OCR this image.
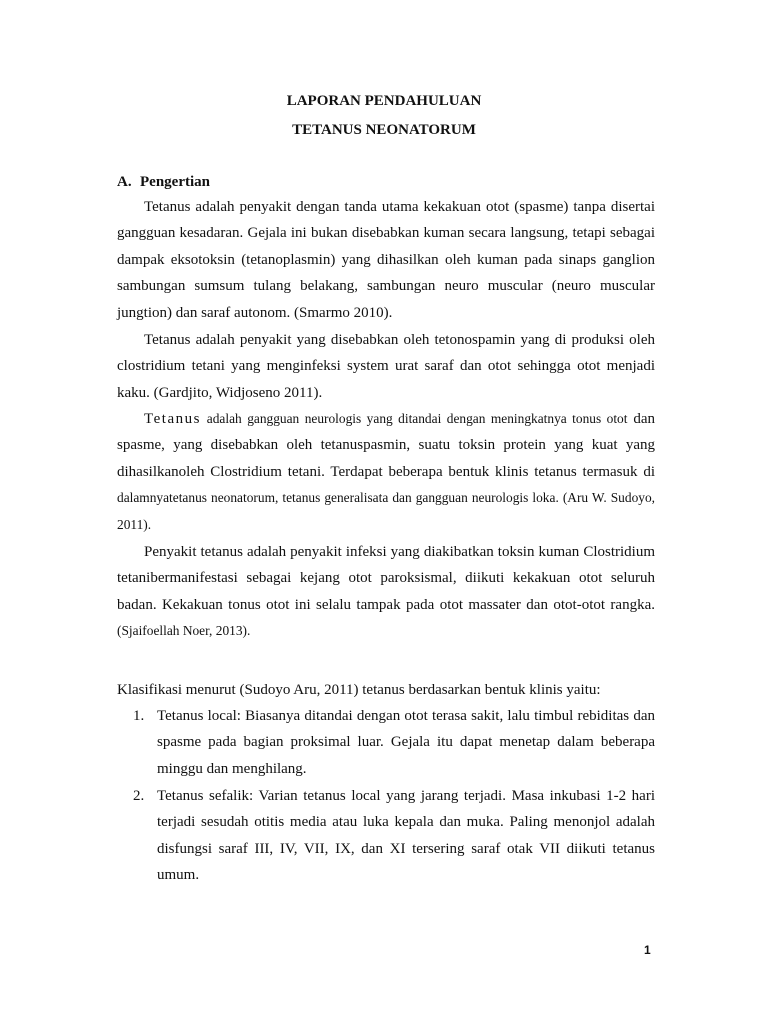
LAPORAN PENDAHULUAN
TETANUS NEONATORUM
A. Pengertian

Tetanus adalah penyakit dengan tanda utama kekakuan otot (spasme) tanpa disertai gangguan kesadaran. Gejala ini bukan disebabkan kuman secara langsung, tetapi sebagai dampak eksotoksin (tetanoplasmin) yang dihasilkan oleh kuman pada sinaps ganglion sambungan sumsum tulang belakang, sambungan neuro muscular (neuro muscular jungtion) dan saraf autonom. (Smarmo 2010).

Tetanus adalah penyakit yang disebabkan oleh tetonospamin yang di produksi oleh clostridium tetani yang menginfeksi system urat saraf dan otot sehingga otot menjadi kaku. (Gardjito, Widjoseno 2011).

Tetanus adalah gangguan neurologis yang ditandai dengan meningkatnya tonus otot dan spasme, yang disebabkan oleh tetanuspasmin, suatu toksin protein yang kuat yang dihasilkanoleh Clostridium tetani. Terdapat beberapa bentuk klinis tetanus termasuk di dalamnyatetanus neonatorum, tetanus generalisata dan gangguan neurologis loka. (Aru W. Sudoyo, 2011).

Penyakit tetanus adalah penyakit infeksi yang diakibatkan toksin kuman Clostridium tetanibermanifestasi sebagai kejang otot paroksismal, diikuti kekakuan otot seluruh badan. Kekakuan tonus otot ini selalu tampak pada otot massater dan otot-otot rangka. (Sjaifoellah Noer, 2013).

Klasifikasi menurut (Sudoyo Aru, 2011) tetanus berdasarkan bentuk klinis yaitu:
1. Tetanus local: Biasanya ditandai dengan otot terasa sakit, lalu timbul rebiditas dan spasme pada bagian proksimal luar. Gejala itu dapat menetap dalam beberapa minggu dan menghilang.
2. Tetanus sefalik: Varian tetanus local yang jarang terjadi. Masa inkubasi 1-2 hari terjadi sesudah otitis media atau luka kepala dan muka. Paling menonjol adalah disfungsi saraf III, IV, VII, IX, dan XI tersering saraf otak VII diikuti tetanus umum.
1
